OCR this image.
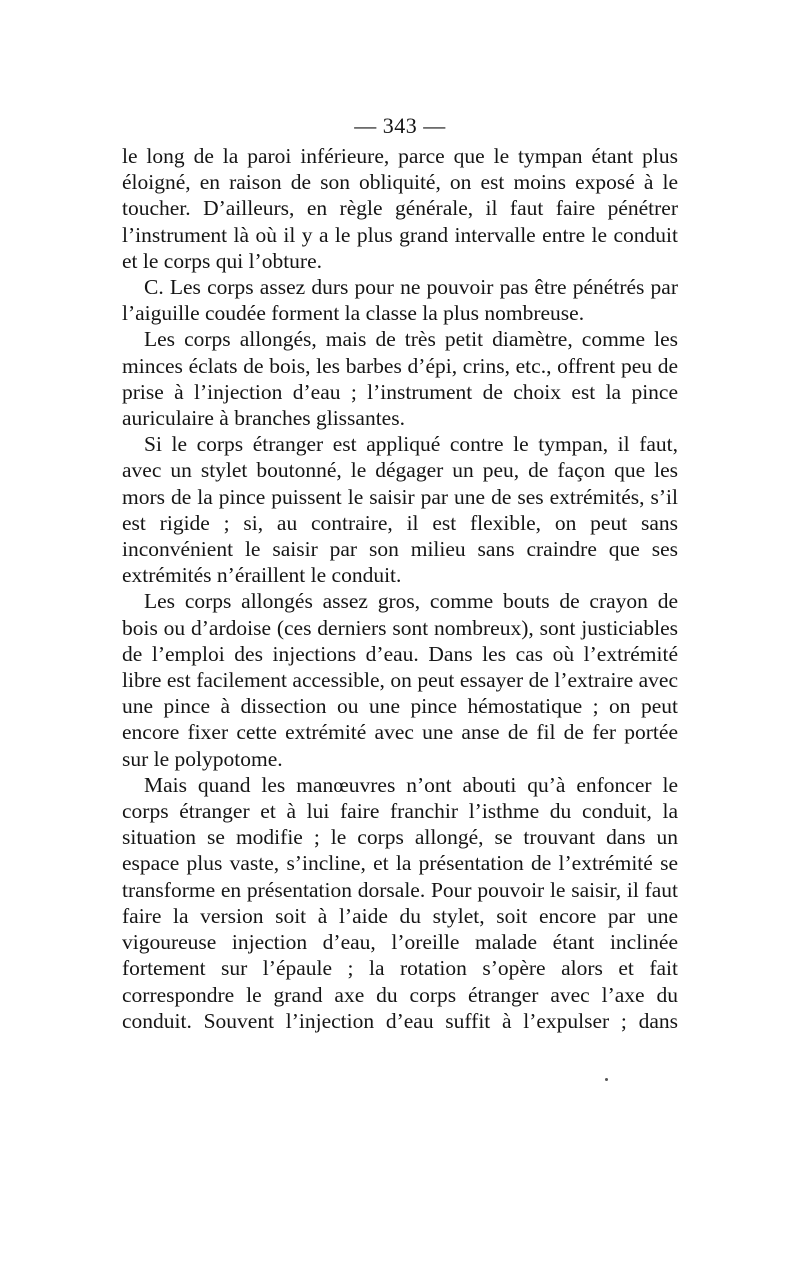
— 343 —

le long de la paroi inférieure, parce que le tympan étant plus éloigné, en raison de son obliquité, on est moins exposé à le toucher. D’ailleurs, en règle générale, il faut faire pénétrer l’instrument là où il y a le plus grand intervalle entre le conduit et le corps qui l’obture.

C. Les corps assez durs pour ne pouvoir pas être pénétrés par l’aiguille coudée forment la classe la plus nombreuse.

Les corps allongés, mais de très petit diamètre, comme les minces éclats de bois, les barbes d’épi, crins, etc., offrent peu de prise à l’injection d’eau ; l’instrument de choix est la pince auriculaire à branches glissantes.

Si le corps étranger est appliqué contre le tympan, il faut, avec un stylet boutonné, le dégager un peu, de façon que les mors de la pince puissent le saisir par une de ses extrémités, s’il est rigide ; si, au contraire, il est flexible, on peut sans inconvénient le saisir par son milieu sans craindre que ses extrémités n’éraillent le conduit.

Les corps allongés assez gros, comme bouts de crayon de bois ou d’ardoise (ces derniers sont nombreux), sont justiciables de l’emploi des injections d’eau. Dans les cas où l’extrémité libre est facilement accessible, on peut essayer de l’extraire avec une pince à dissection ou une pince hémostatique ; on peut encore fixer cette extrémité avec une anse de fil de fer portée sur le polypotome.

Mais quand les manœuvres n’ont abouti qu’à enfoncer le corps étranger et à lui faire franchir l’isthme du conduit, la situation se modifie ; le corps allongé, se trouvant dans un espace plus vaste, s’incline, et la présentation de l’extrémité se transforme en présentation dorsale. Pour pouvoir le saisir, il faut faire la version soit à l’aide du stylet, soit encore par une vigoureuse injection d’eau, l’oreille malade étant inclinée fortement sur l’épaule ; la rotation s’opère alors et fait correspondre le grand axe du corps étranger avec l’axe du conduit. Souvent l’injection d’eau suffit à l’expulser ; dans
